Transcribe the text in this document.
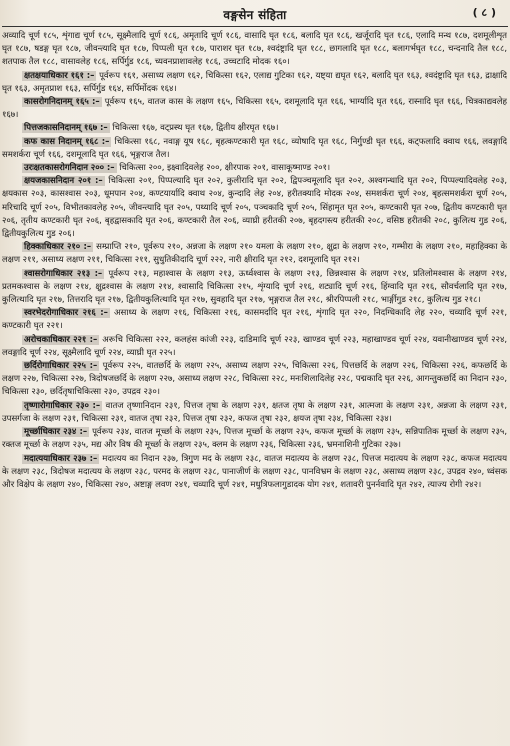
वङ्गसेन संहिता	( ८ )

अव्यादि चूर्ण १८५, शृंगाद्य चूर्ण १८५, सूक्ष्मैलादि चूर्ण १८६, अमृतादि चूर्ण १८६, वासादि घृत १८६, बलादि घृत १८६, खर्जूरादि घृत १८६, एलादि मन्थ १८७, दशमूलीशृत घृत १८७, षडङ्ग घृत १८७, जीवन्त्यादि घृत १८७, पिप्पली घृत १८७, पाराशर घृत १८७, श्वदंष्ट्रादि घृत १८८, छागलादि घृत १८८, बलागर्भघृत १८८, चन्दनादि तैल १८८, शतपाक तैल १८८, वासावलेह १८६, सर्पिर्गुड १८६, च्यवनप्राशावलेह १८६, उच्चटादि मोदक १६०।

क्षतक्षयाधिकार १६१ :– पूर्वरूप १६१, असाध्य लक्षण १६२, चिकित्सा १६२, एलाद्य गुटिका १६२, यष्ट्या द्यघृत १६२, बलादि घृत १६३, श्वदंष्ट्रादि घृत १६३, द्राक्षादि घृत १६३, अमृतप्राश १६३, सर्पिर्गुड १६४, सर्पिर्मोदक १६४।

कासरोगनिदानम् १६५ :– पूर्वरूप १६५, वातज कास के लक्षण १६५, चिकित्सा १६५, दशमूलादि घृत १६६, भार्ग्यादि घृत १६६, रास्नादि घृत १६६, चित्रकाद्यवलेह १६७।

पित्तजकासनिदानम् १६७ :– चिकित्सा १६७, वट्प्रस्थ घृत १६७, द्वितीय क्षीरघृत १६७।

कफ कास निदानम् १६८ :– चिकित्सा १६८, नवाङ्ग यूष १६८, बृहत्कण्टकारी घृत १६८, व्योषादि घृत १६८, निर्गुण्डी घृत १६६, कट्फलादि क्वाथ १६६, लवङ्गादि समशर्करा चूर्ण १६६, दशमूलादि घृत १६६, भृङ्गराज तैल।

उरःक्षतकासरोगनिदान २०० :– चिकित्सा २००, इक्ष्वादिवलेह २००, क्षीरपाक २०१, वासाकूष्माण्ड २०१।

क्षयजकासनिदान २०१ :– चिकित्सा २०१, पिप्पल्यादि घृत २०२, कुलीरादि घृत २०२, द्विपञ्चमूलादि घृत २०२, अश्वगन्धादि घृत २०२, पिप्पल्यादिवलेह २०३, क्षयकास २०३, कासश्वास २०३, धूमपान २०४, कण्टयार्यादि क्वाथ २०४, कुन्दादि लेह २०४, हरीतक्यादि मोदक २०४, समशर्करा चूर्ण २०४, बृहत्समशर्करा चूर्ण २०५, मरिचादि चूर्ण २०५, विभीतकावलेह २०५, जीवन्त्यादि घृत २०५, पथ्यादि चूर्ण २०५, पञ्चकादि चूर्ण २०५, सिंहामृत घृत २०५, कण्टकारी घृत २०७, द्वितीय कण्टकारी घृत २०६, तृतीय कण्टकारी घृत २०६, बृहद्वासकादि घृत २०६, कण्टकारी तैल २०६, व्याघ्री हरीतकी २०७, बृहदगस्त्य हरीतकी २०८, वसिष्ठ हरीतकी २०८, कुलित्थ गुड २०६, द्वितीयकुलित्थ गुड २०६।

हिक्काधिकार २१० :– सम्प्राप्ति २१०, पूर्वरूप २१०, अन्नजा के लक्षण २१० यमला के लक्षण २१०, क्षुद्रा के लक्षण २१०, गम्भीरा के लक्षण २१०, महाहिक्का के लक्षण २११, असाध्य लक्षण २११, चिकित्सा २११, सुधुतिकीदादि चूर्ण २२२, नारी क्षीरादि घृत २१२, दशमूलादि घृत २१२।

श्वासरोगाधिकार २१३ :– पूर्वरूप २१३, महाश्वास के लक्षण २१३, ऊर्ध्वश्वास के लक्षण २१३, छिन्नश्वास के लक्षण २१४, प्रतिलोमश्वास के लक्षण २१४, प्रतमकश्वास के लक्षण २१४, क्षुद्रश्वास के लक्षण २१४, श्वासादि चिकित्सा २१५, शृंग्यादि चूर्ण २१६, शट्यादि चूर्ण २१६, हिंग्वादि घृत २१६, सौवर्चलादि घृत २१७, कुलित्थादि घृत २१७, तित्तरादि घृत २१७, द्वितीयकुलित्थादि घृत २१७, सुवहादि घृत २१७, भृङ्गराज तैल २१८, श्रीरपिप्पली २१८, भार्ङ्गीगुड २१८, कुलित्थ गुड २१८।

स्वरभेदरोगाधिकार २१६ :– असाध्य के लक्षण २१६, चिकित्सा २१६, कासमर्दादि घृत २१६, शृंगादि घृत २२०, निदग्धिकादि लेह २२०, चव्यादि चूर्ण २२१, कण्टकारी घृत २२१।

अरोचकाधिकार २२१ :– अरूचि चिकित्सा २२२, कलहंस कांजी २२३, दाडिमादि चूर्ण २२३, खाण्डव चूर्ण २२३, महाखाण्डव चूर्ण २२४, यवानीखाण्डव चूर्ण २२४, लवङ्गादि चूर्ण २२४, सूक्ष्मैलादि चूर्ण २२४, व्याघ्री घृत २२५।

छर्दिरोगाधिकार २२५ :– पूर्वरूप २२५, वातछर्दि के लक्षण २२५, असाध्य लक्षण २२५, चिकित्सा २२६, पित्तछर्दि के लक्षण २२६, चिकित्सा २२६, कफछर्दि के लक्षण २२७, चिकित्सा २२७, त्रिदोषजछर्दि के लक्षण २२७, असाध्य लक्षण २२८, चिकित्सा २२८, मनःशिलादिलेह २२८, पद्मकादि घृत २२६, आगन्तुकछर्दि का निदान २३०, चिकित्सा २३०, छर्दितृषाचिकित्सा २३०, उपद्रव २३०।

तृष्णारोगाधिकार २३० :– वातज तृष्णानिदान २३१, पित्तज तृषा के लक्षण २३१, क्षतज तृषा के लक्षण २३१, आत्मजा के लक्षण २३१, अन्नजा के लक्षण २३१, उपसर्गजा के लक्षण २३१, चिकित्सा २३१, वातज तृषा २३२, पित्तज तृषा २३२, कफज तृषा २३२, क्षयज तृषा २३४, चिकित्सा २३४।

मूर्च्छाधिकार २३४ :– पूर्वरूप २३४, वातज मूर्च्छा के लक्षण २३५, पित्तज मूर्च्छा के लक्षण २३५, कफज मूर्च्छा के लक्षण २३५, सन्निपातिक मूर्च्छा के लक्षण २३५, रक्तज मूर्च्छा के लक्षण २३५, मद्य और विष की मूर्च्छा के लक्षण २३५, क्लम के लक्षण २३६, चिकित्सा २३६, भ्रमनाशिनी गुटिका २३७।

मदात्ययाधिकार २३७ :– मदात्यय का निदान २३७, त्रिगुण मद के लक्षण २३८, वातज मदात्यय के लक्षण २३८, पित्तज मदात्यय के लक्षण २३८, कफज मदात्यय के लक्षण २३८, त्रिदोषज मदात्यय के लक्षण २३८, परमद के लक्षण २३८, पानाजीर्ण के लक्षण २३८, पानविभ्रम के लक्षण २३८, असाध्य लक्षण २३८, उपद्रव २४०, ध्वंसक और विक्षेप के लक्षण २४०, चिकित्सा २४०, अष्टाङ्ग लवण २४१, चव्यादि चूर्ण २४१, मधुत्रिफलागुडादक योग २४१, शतावरी पुनर्नवादि घृत २४२, त्याज्य रोगी २४२।
